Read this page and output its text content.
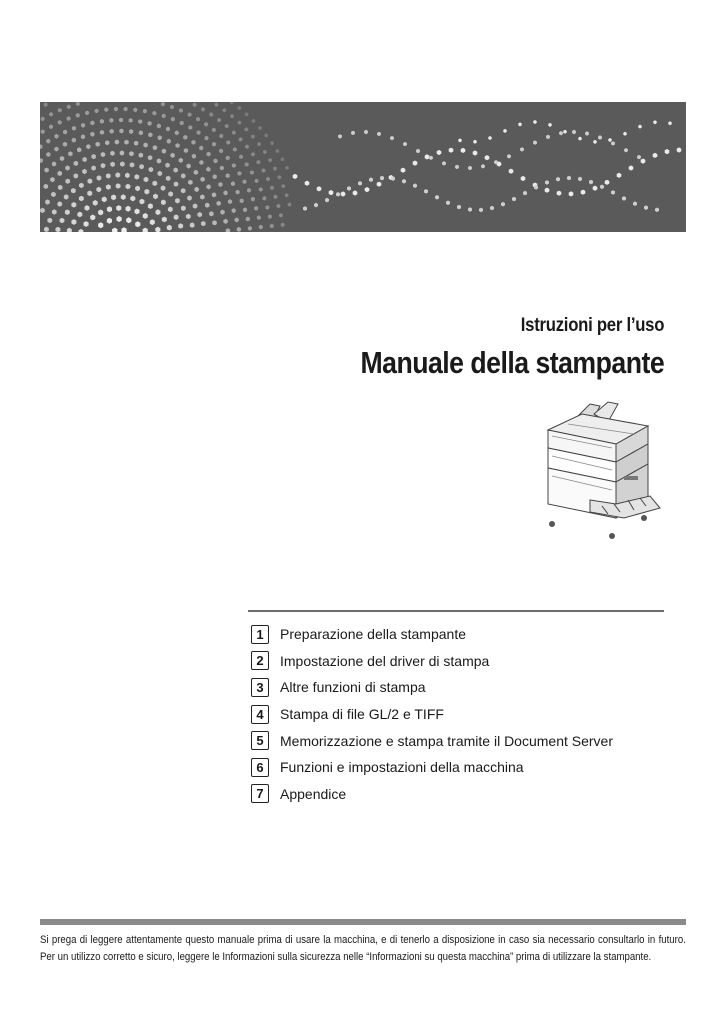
Istruzioni per l’uso
Manuale della stampante
1	Preparazione della stampante
2	Impostazione del driver di stampa
3	Altre funzioni di stampa
4	Stampa di file GL/2 e TIFF
5	Memorizzazione e stampa tramite il Document Server
6	Funzioni e impostazioni della macchina
7	Appendice

Si prega di leggere attentamente questo manuale prima di usare la macchina, e di tenerlo a disposizione in caso sia necessario consultarlo in futuro. Per un utilizzo corretto e sicuro, leggere le Informazioni sulla sicurezza nelle “Informazioni su questa macchina” prima di utilizzare la stampante.
